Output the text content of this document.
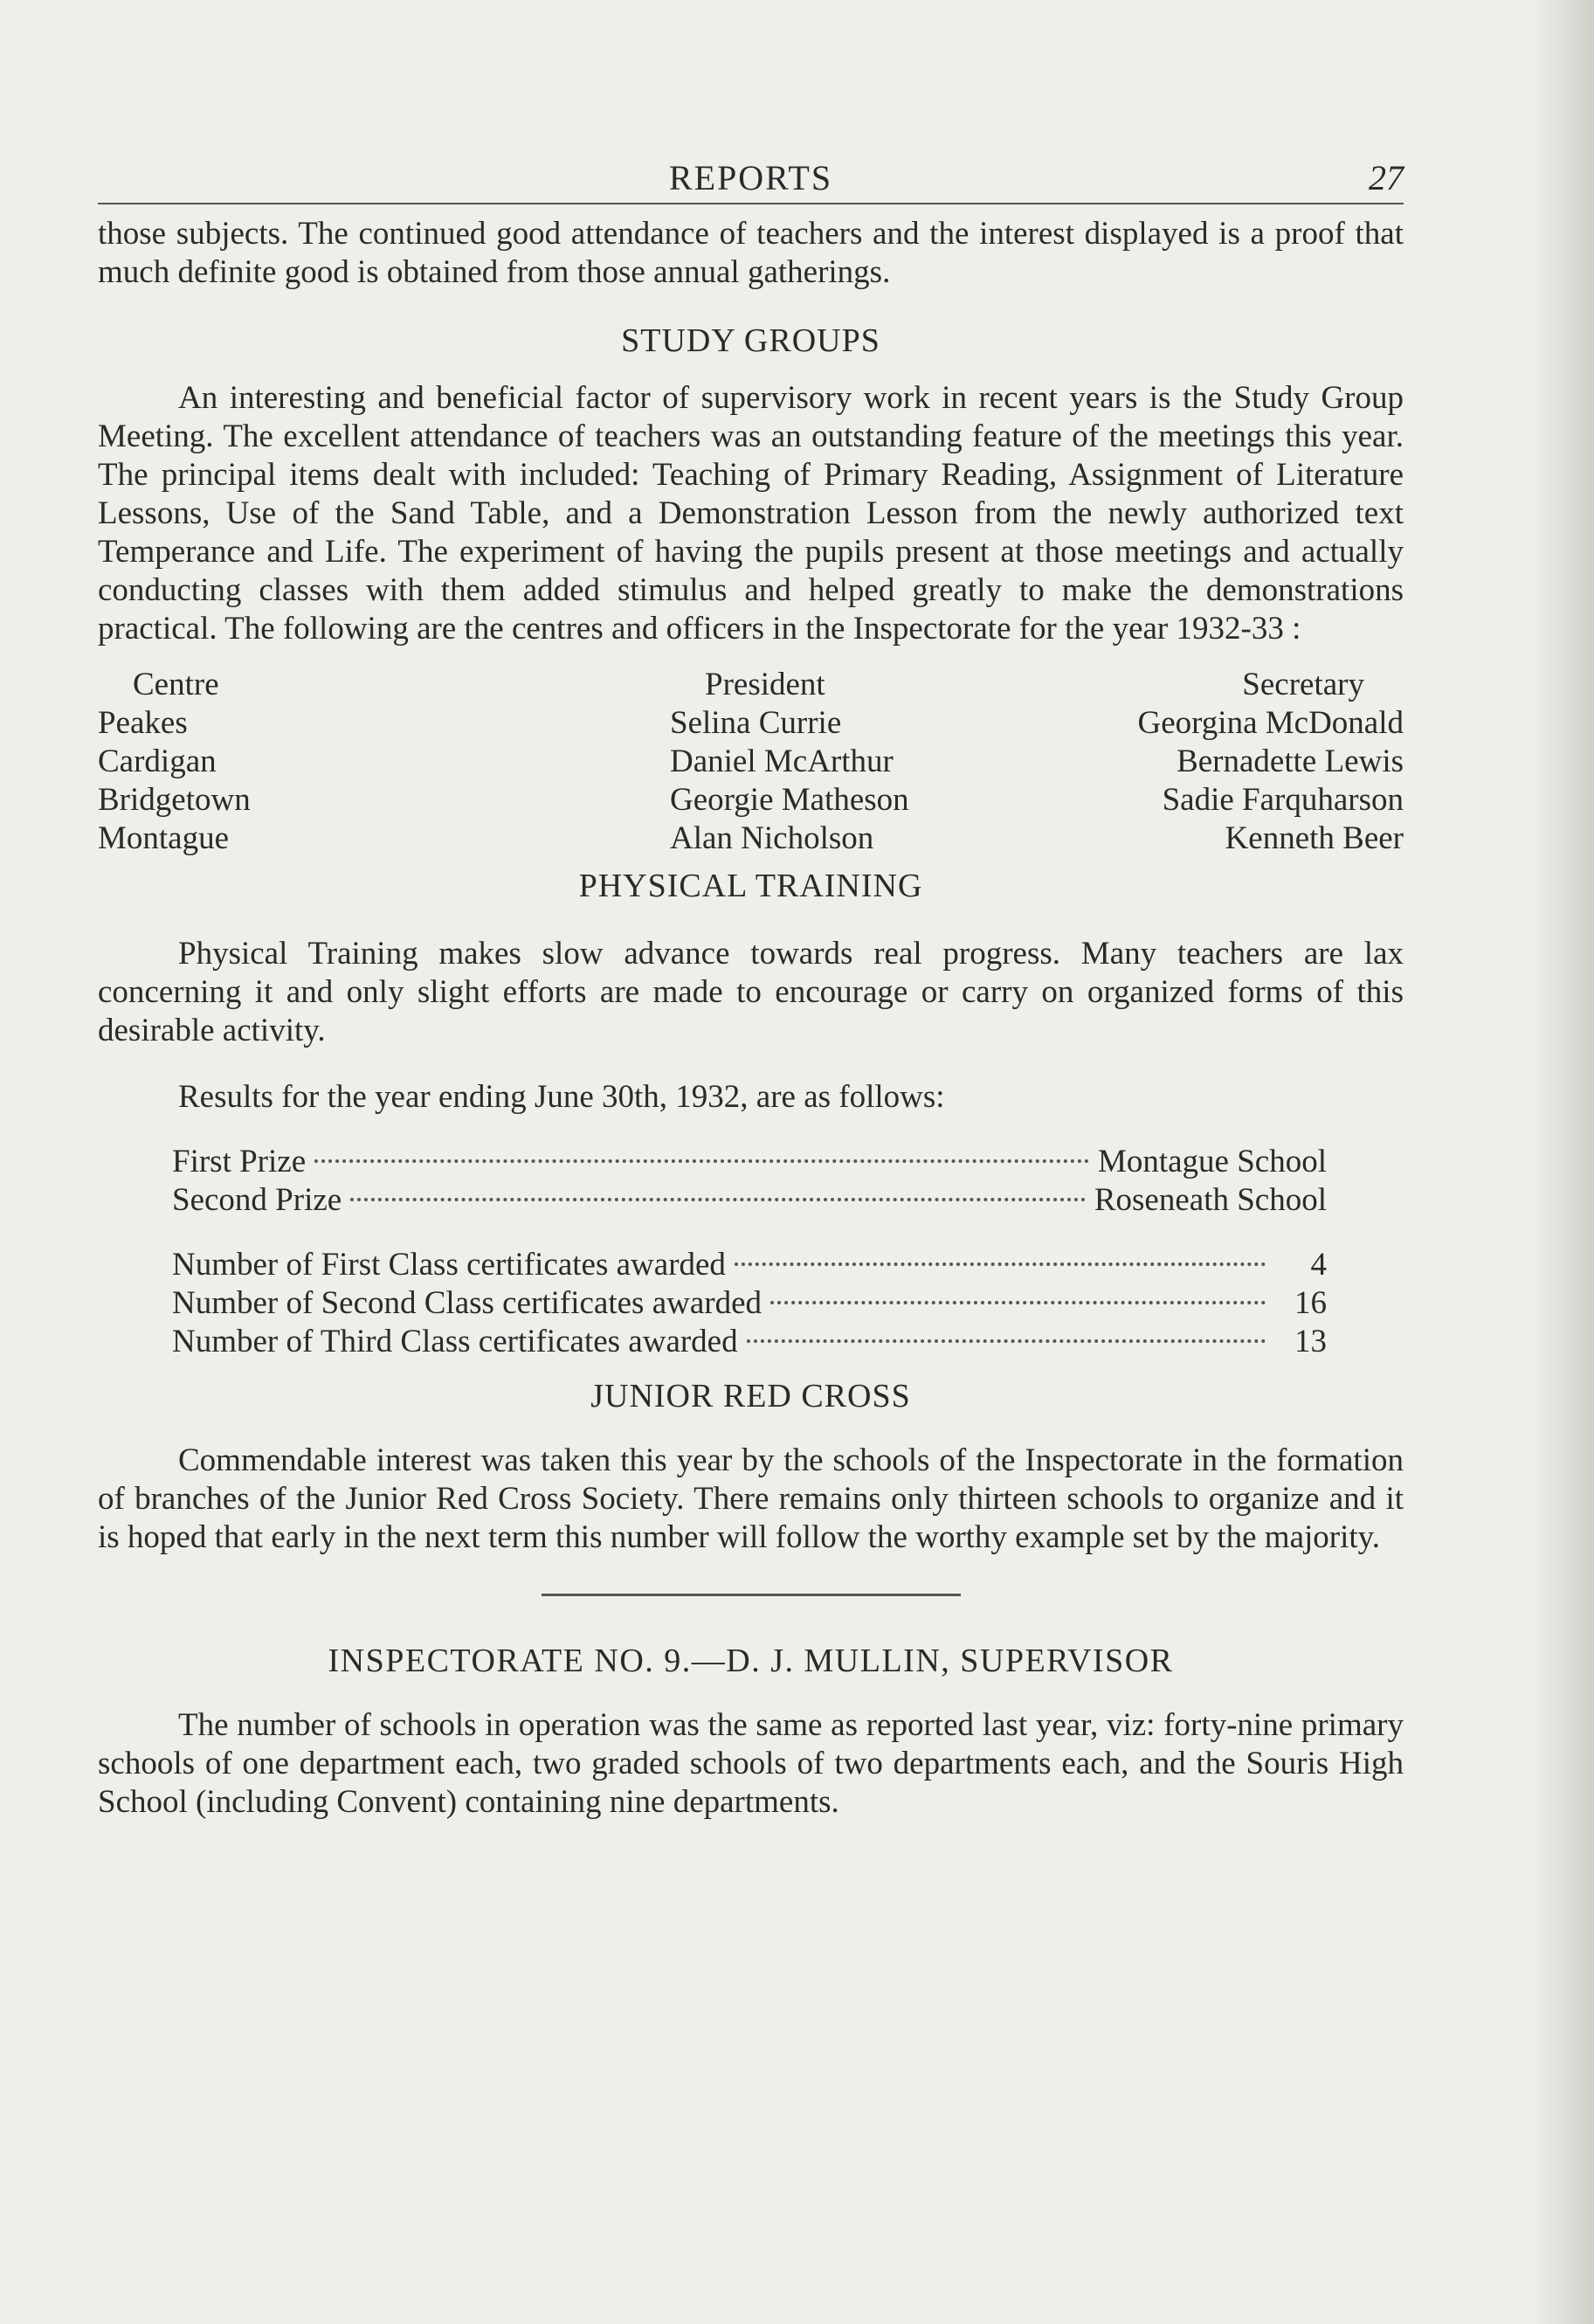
REPORTS	27

those subjects. The continued good attendance of teachers and the interest displayed is a proof that much definite good is obtained from those annual gatherings.

STUDY GROUPS

An interesting and beneficial factor of supervisory work in recent years is the Study Group Meeting. The excellent attendance of teachers was an outstanding feature of the meetings this year. The principal items dealt with included: Teaching of Primary Reading, Assignment of Literature Lessons, Use of the Sand Table, and a Demonstration Lesson from the newly authorized text Temperance and Life. The experiment of having the pupils present at those meetings and actually conducting classes with them added stimulus and helped greatly to make the demonstrations practical. The following are the centres and officers in the Inspectorate for the year 1932-33 :

Centre	President	Secretary
Peakes	Selina Currie	Georgina McDonald
Cardigan	Daniel McArthur	Bernadette Lewis
Bridgetown	Georgie Matheson	Sadie Farquharson
Montague	Alan Nicholson	Kenneth Beer
PHYSICAL TRAINING

Physical Training makes slow advance towards real progress. Many teachers are lax concerning it and only slight efforts are made to encourage or carry on organized forms of this desirable activity.

Results for the year ending June 30th, 1932, are as follows:

First Prize	Montague School
Second Prize	Roseneath School
Number of First Class certificates awarded	4
Number of Second Class certificates awarded	16
Number of Third Class certificates awarded	13
JUNIOR RED CROSS

Commendable interest was taken this year by the schools of the Inspectorate in the formation of branches of the Junior Red Cross Society. There remains only thirteen schools to organize and it is hoped that early in the next term this number will follow the worthy example set by the majority.

INSPECTORATE NO. 9.—D. J. MULLIN, SUPERVISOR

The number of schools in operation was the same as reported last year, viz: forty-nine primary schools of one department each, two graded schools of two departments each, and the Souris High School (including Convent) containing nine departments.
